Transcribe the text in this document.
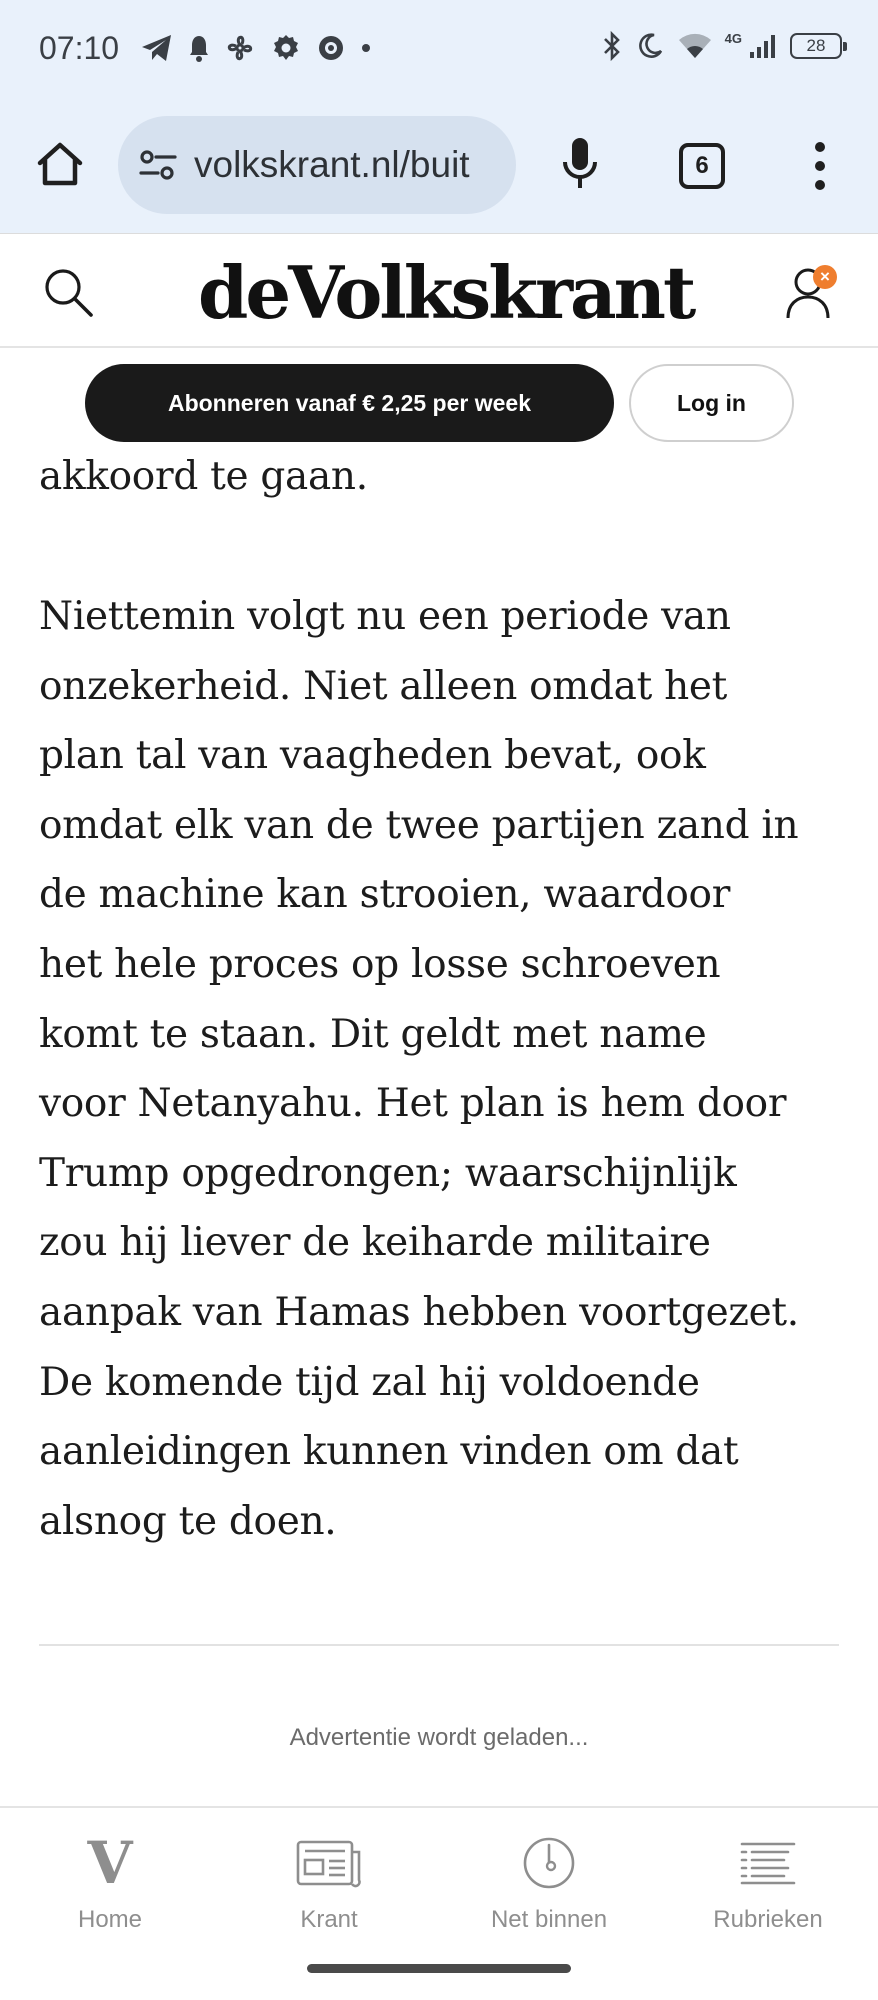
07:10	4G	28
volkskrant.nl/buit	6
deVolkskrant	×
Abonneren vanaf € 2,25 per week	Log in
akkoord te gaan.
Niettemin volgt nu een periode van
onzekerheid. Niet alleen omdat het
plan tal van vaagheden bevat, ook
omdat elk van de twee partijen zand in
de machine kan strooien, waardoor
het hele proces op losse schroeven
komt te staan. Dit geldt met name
voor Netanyahu. Het plan is hem door
Trump opgedrongen; waarschijnlijk
zou hij liever de keiharde militaire
aanpak van Hamas hebben voortgezet.
De komende tijd zal hij voldoende
aanleidingen kunnen vinden om dat
alsnog te doen.
Advertentie wordt geladen...
V
Home	Krant	Net binnen	Rubrieken
